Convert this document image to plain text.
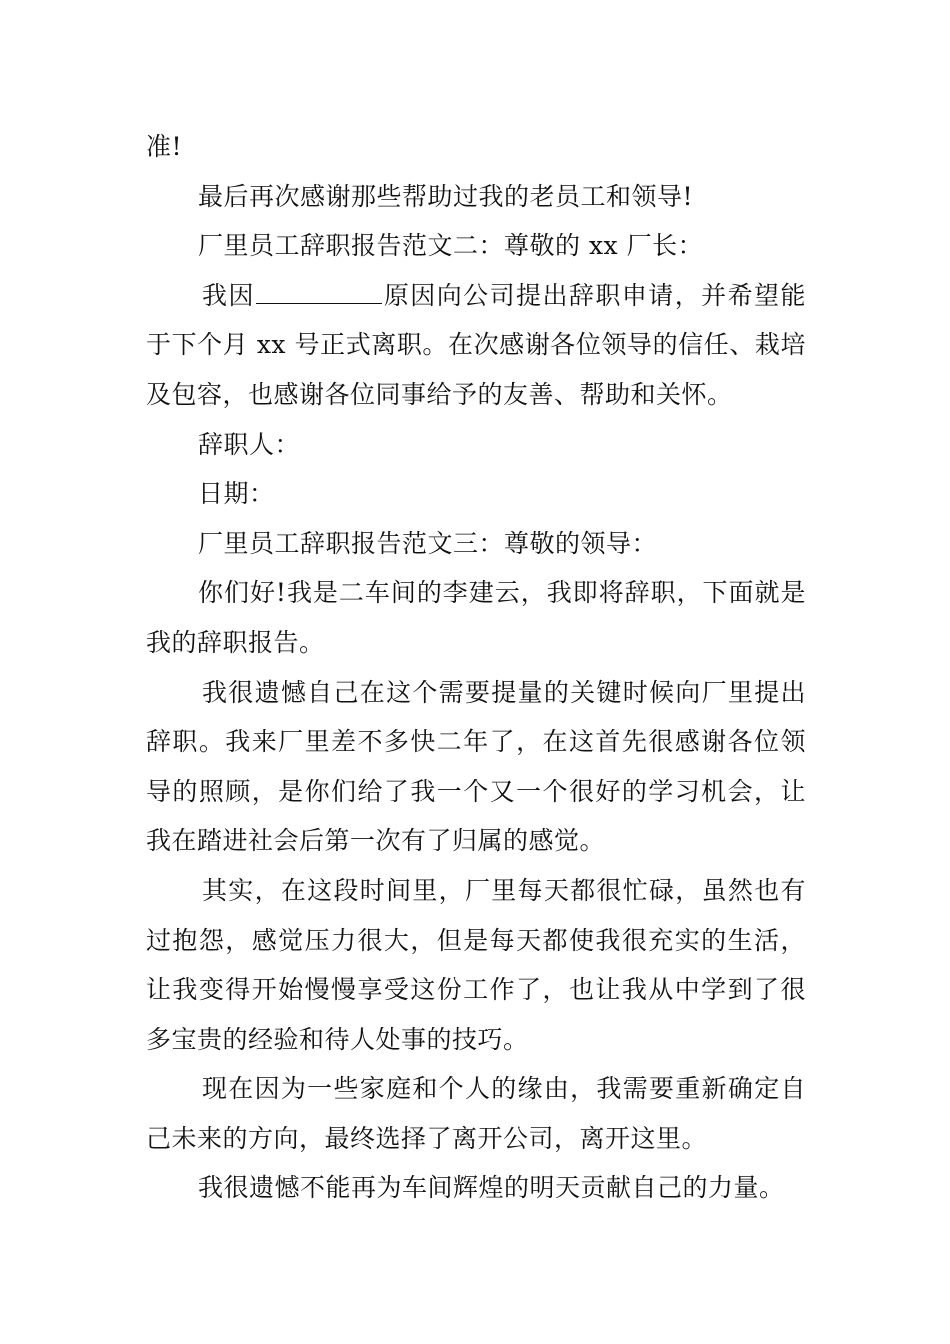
准!

最后再次感谢那些帮助过我的老员工和领导!

厂里员工辞职报告范文二：尊敬的 xx 厂长：

我因	原因向公司提出辞职申请，并希望能于下个月 xx 号正式离职。在次感谢各位领导的信任、栽培及包容，也感谢各位同事给予的友善、帮助和关怀。

辞职人：

日期：

厂里员工辞职报告范文三：尊敬的领导：

你们好!我是二车间的李建云，我即将辞职，下面就是我的辞职报告。

我很遗憾自己在这个需要提量的关键时候向厂里提出辞职。我来厂里差不多快二年了，在这首先很感谢各位领导的照顾，是你们给了我一个又一个很好的学习机会，让我在踏进社会后第一次有了归属的感觉。

其实，在这段时间里，厂里每天都很忙碌，虽然也有过抱怨，感觉压力很大，但是每天都使我很充实的生活，让我变得开始慢慢享受这份工作了，也让我从中学到了很多宝贵的经验和待人处事的技巧。

现在因为一些家庭和个人的缘由，我需要重新确定自己未来的方向，最终选择了离开公司，离开这里。

我很遗憾不能再为车间辉煌的明天贡献自己的力量。
